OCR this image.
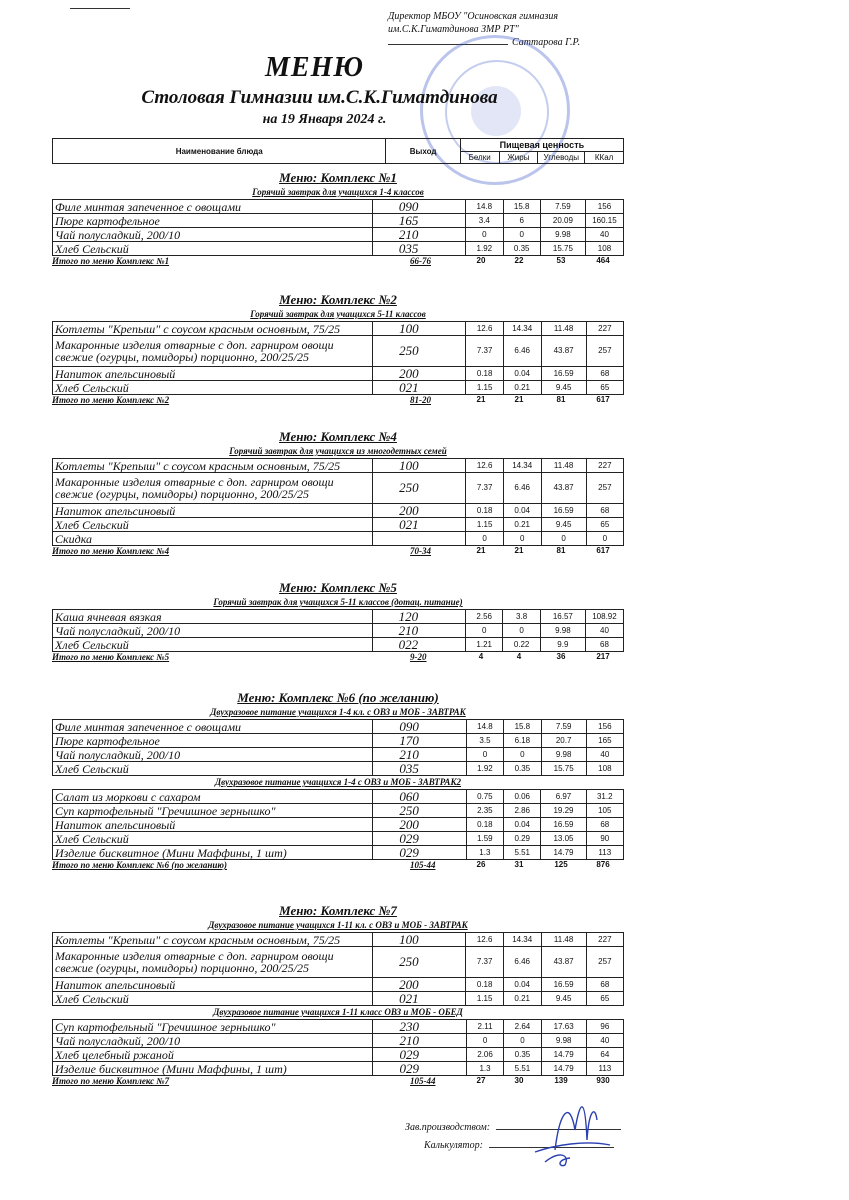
Директор МБОУ "Осиновская гимназия
им.С.К.Гиматдинова ЗМР РТ"
Саттарова Г.Р.
МЕНЮ
Столовая Гимназии им.С.К.Гиматдинова
на 19 Января 2024 г.
Наименование блюда	Выход	Пищевая ценность			
		Белки	Жиры	Углеводы	ККал
Меню: Комплекс №1
Горячий завтрак для учащихся 1-4 классов
Филе минтая запеченное с овощами	090	14.8	15.8	7.59	156
Пюре картофельное	165	3.4	6	20.09	160.15
Чай полусладкий, 200/10	210	0	0	9.98	40
Хлеб Сельский	035	1.92	0.35	15.75	108
Итого по меню Комплекс №1	66-76	20	22	53	464
Меню: Комплекс №2
Горячий завтрак для учащихся 5-11 классов
Котлеты "Крепыш" с соусом красным основным, 75/25	100	12.6	14.34	11.48	227
Макаронные изделия отварные с доп. гарниром овощи свежие (огурцы, помидоры) порционно, 200/25/25	250	7.37	6.46	43.87	257
Напиток апельсиновый	200	0.18	0.04	16.59	68
Хлеб Сельский	021	1.15	0.21	9.45	65
Итого по меню Комплекс №2	81-20	21	21	81	617
Меню: Комплекс №4
Горячий завтрак для учащихся из многодетных семей
Котлеты "Крепыш" с соусом красным основным, 75/25	100	12.6	14.34	11.48	227
Макаронные изделия отварные с доп. гарниром овощи свежие (огурцы, помидоры) порционно, 200/25/25	250	7.37	6.46	43.87	257
Напиток апельсиновый	200	0.18	0.04	16.59	68
Хлеб Сельский	021	1.15	0.21	9.45	65
Скидка		0	0	0	0
Итого по меню Комплекс №4	70-34	21	21	81	617
Меню: Комплекс №5
Горячий завтрак для учащихся 5-11 классов (дотац. питание)
Каша ячневая вязкая	120	2.56	3.8	16.57	108.92
Чай полусладкий, 200/10	210	0	0	9.98	40
Хлеб Сельский	022	1.21	0.22	9.9	68
Итого по меню Комплекс №5	9-20	4	4	36	217
Меню: Комплекс №6 (по желанию)
Двухразовое питание учащихся 1-4 кл. с ОВЗ и МОБ - ЗАВТРАК
Филе минтая запеченное с овощами	090	14.8	15.8	7.59	156
Пюре картофельное	170	3.5	6.18	20.7	165
Чай полусладкий, 200/10	210	0	0	9.98	40
Хлеб Сельский	035	1.92	0.35	15.75	108
Двухразовое питание учащихся 1-4 с ОВЗ и МОБ - ЗАВТРАК2
Салат из моркови с сахаром	060	0.75	0.06	6.97	31.2
Суп картофельный "Гречишное зернышко"	250	2.35	2.86	19.29	105
Напиток апельсиновый	200	0.18	0.04	16.59	68
Хлеб Сельский	029	1.59	0.29	13.05	90
Изделие бисквитное (Мини Маффины, 1 шт)	029	1.3	5.51	14.79	113
Итого по меню Комплекс №6 (по желанию)	105-44	26	31	125	876
Меню: Комплекс №7
Двухразовое питание учащихся 1-11 кл. с ОВЗ и МОБ - ЗАВТРАК
Котлеты "Крепыш" с соусом красным основным, 75/25	100	12.6	14.34	11.48	227
Макаронные изделия отварные с доп. гарниром овощи свежие (огурцы, помидоры) порционно, 200/25/25	250	7.37	6.46	43.87	257
Напиток апельсиновый	200	0.18	0.04	16.59	68
Хлеб Сельский	021	1.15	0.21	9.45	65
Двухразовое питание учащихся 1-11 класс ОВЗ и МОБ - ОБЕД
Суп картофельный "Гречишное зернышко"	230	2.11	2.64	17.63	96
Чай полусладкий, 200/10	210	0	0	9.98	40
Хлеб целебный ржаной	029	2.06	0.35	14.79	64
Изделие бисквитное (Мини Маффины, 1 шт)	029	1.3	5.51	14.79	113
Итого по меню Комплекс №7	105-44	27	30	139	930
Зав.производством:
Калькулятор:
